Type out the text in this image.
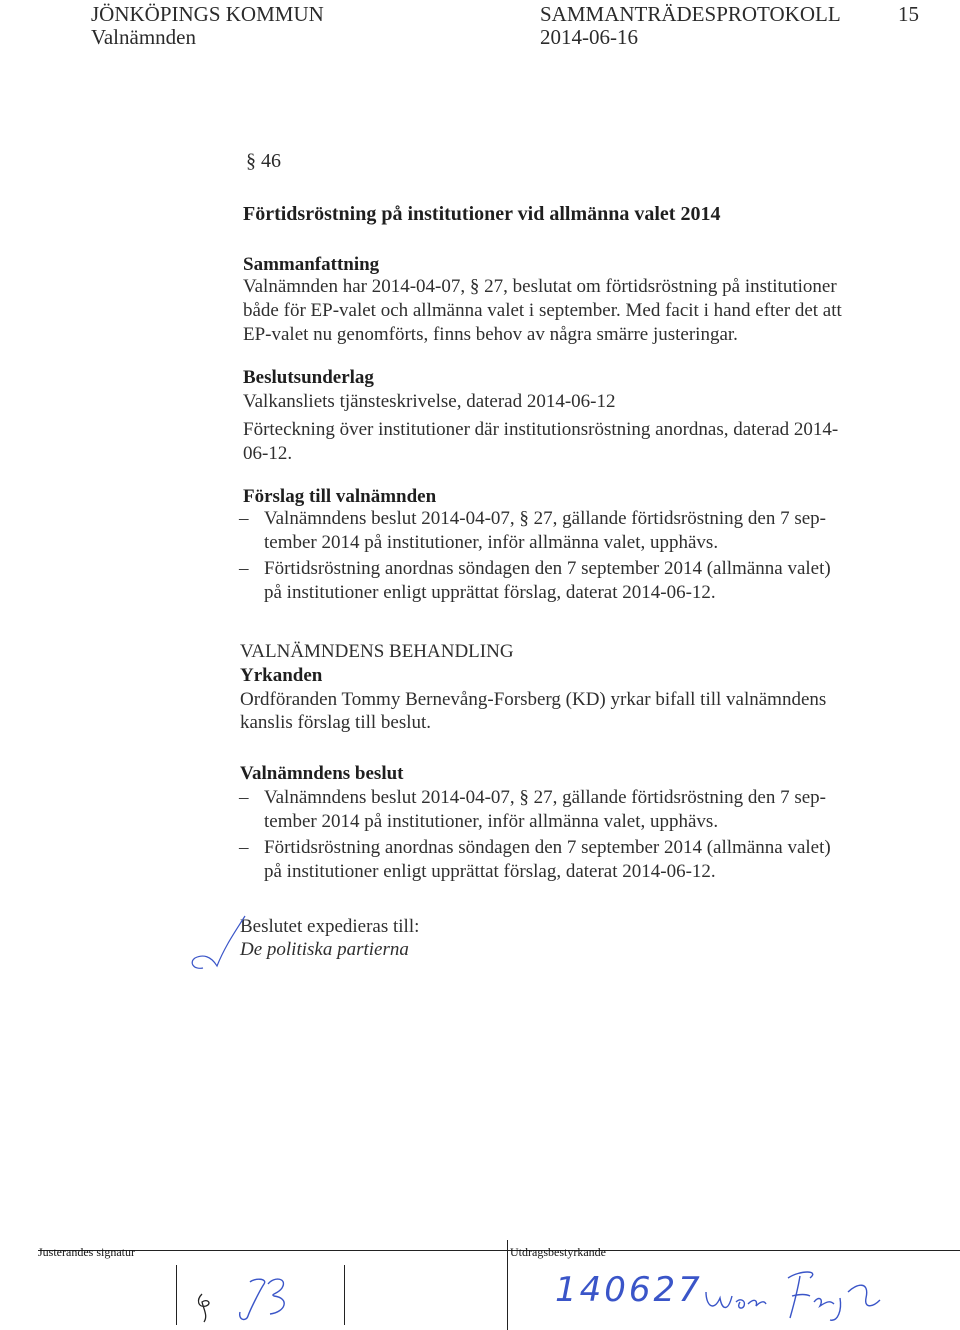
JÖNKÖPINGS KOMMUN
Valnämnden
SAMMANTRÄDESPROTOKOLL
2014-06-16
15
§ 46
Förtidsröstning på institutioner vid allmänna valet 2014
Sammanfattning
Valnämnden har 2014-04-07, § 27, beslutat om förtidsröstning på institutioner
både för EP-valet och allmänna valet i september. Med facit i hand efter det att
EP-valet nu genomförts, finns behov av några smärre justeringar.
Beslutsunderlag
Valkansliets tjänsteskrivelse, daterad 2014-06-12
Förteckning över institutioner där institutionsröstning anordnas, daterad 2014-
06-12.
Förslag till valnämnden
– Valnämndens beslut 2014-04-07, § 27, gällande förtidsröstning den 7 sep-
tember 2014 på institutioner, inför allmänna valet, upphävs.
– Förtidsröstning anordnas söndagen den 7 september 2014 (allmänna valet)
på institutioner enligt upprättat förslag, daterat 2014-06-12.
VALNÄMNDENS BEHANDLING
Yrkanden
Ordföranden Tommy Bernevång-Forsberg (KD) yrkar bifall till valnämndens
kanslis förslag till beslut.
Valnämndens beslut
– Valnämndens beslut 2014-04-07, § 27, gällande förtidsröstning den 7 sep-
tember 2014 på institutioner, inför allmänna valet, upphävs.
– Förtidsröstning anordnas söndagen den 7 september 2014 (allmänna valet)
på institutioner enligt upprättat förslag, daterat 2014-06-12.
Beslutet expedieras till:
De politiska partierna
Justerandes signatur	Utdragsbestyrkande
140627
